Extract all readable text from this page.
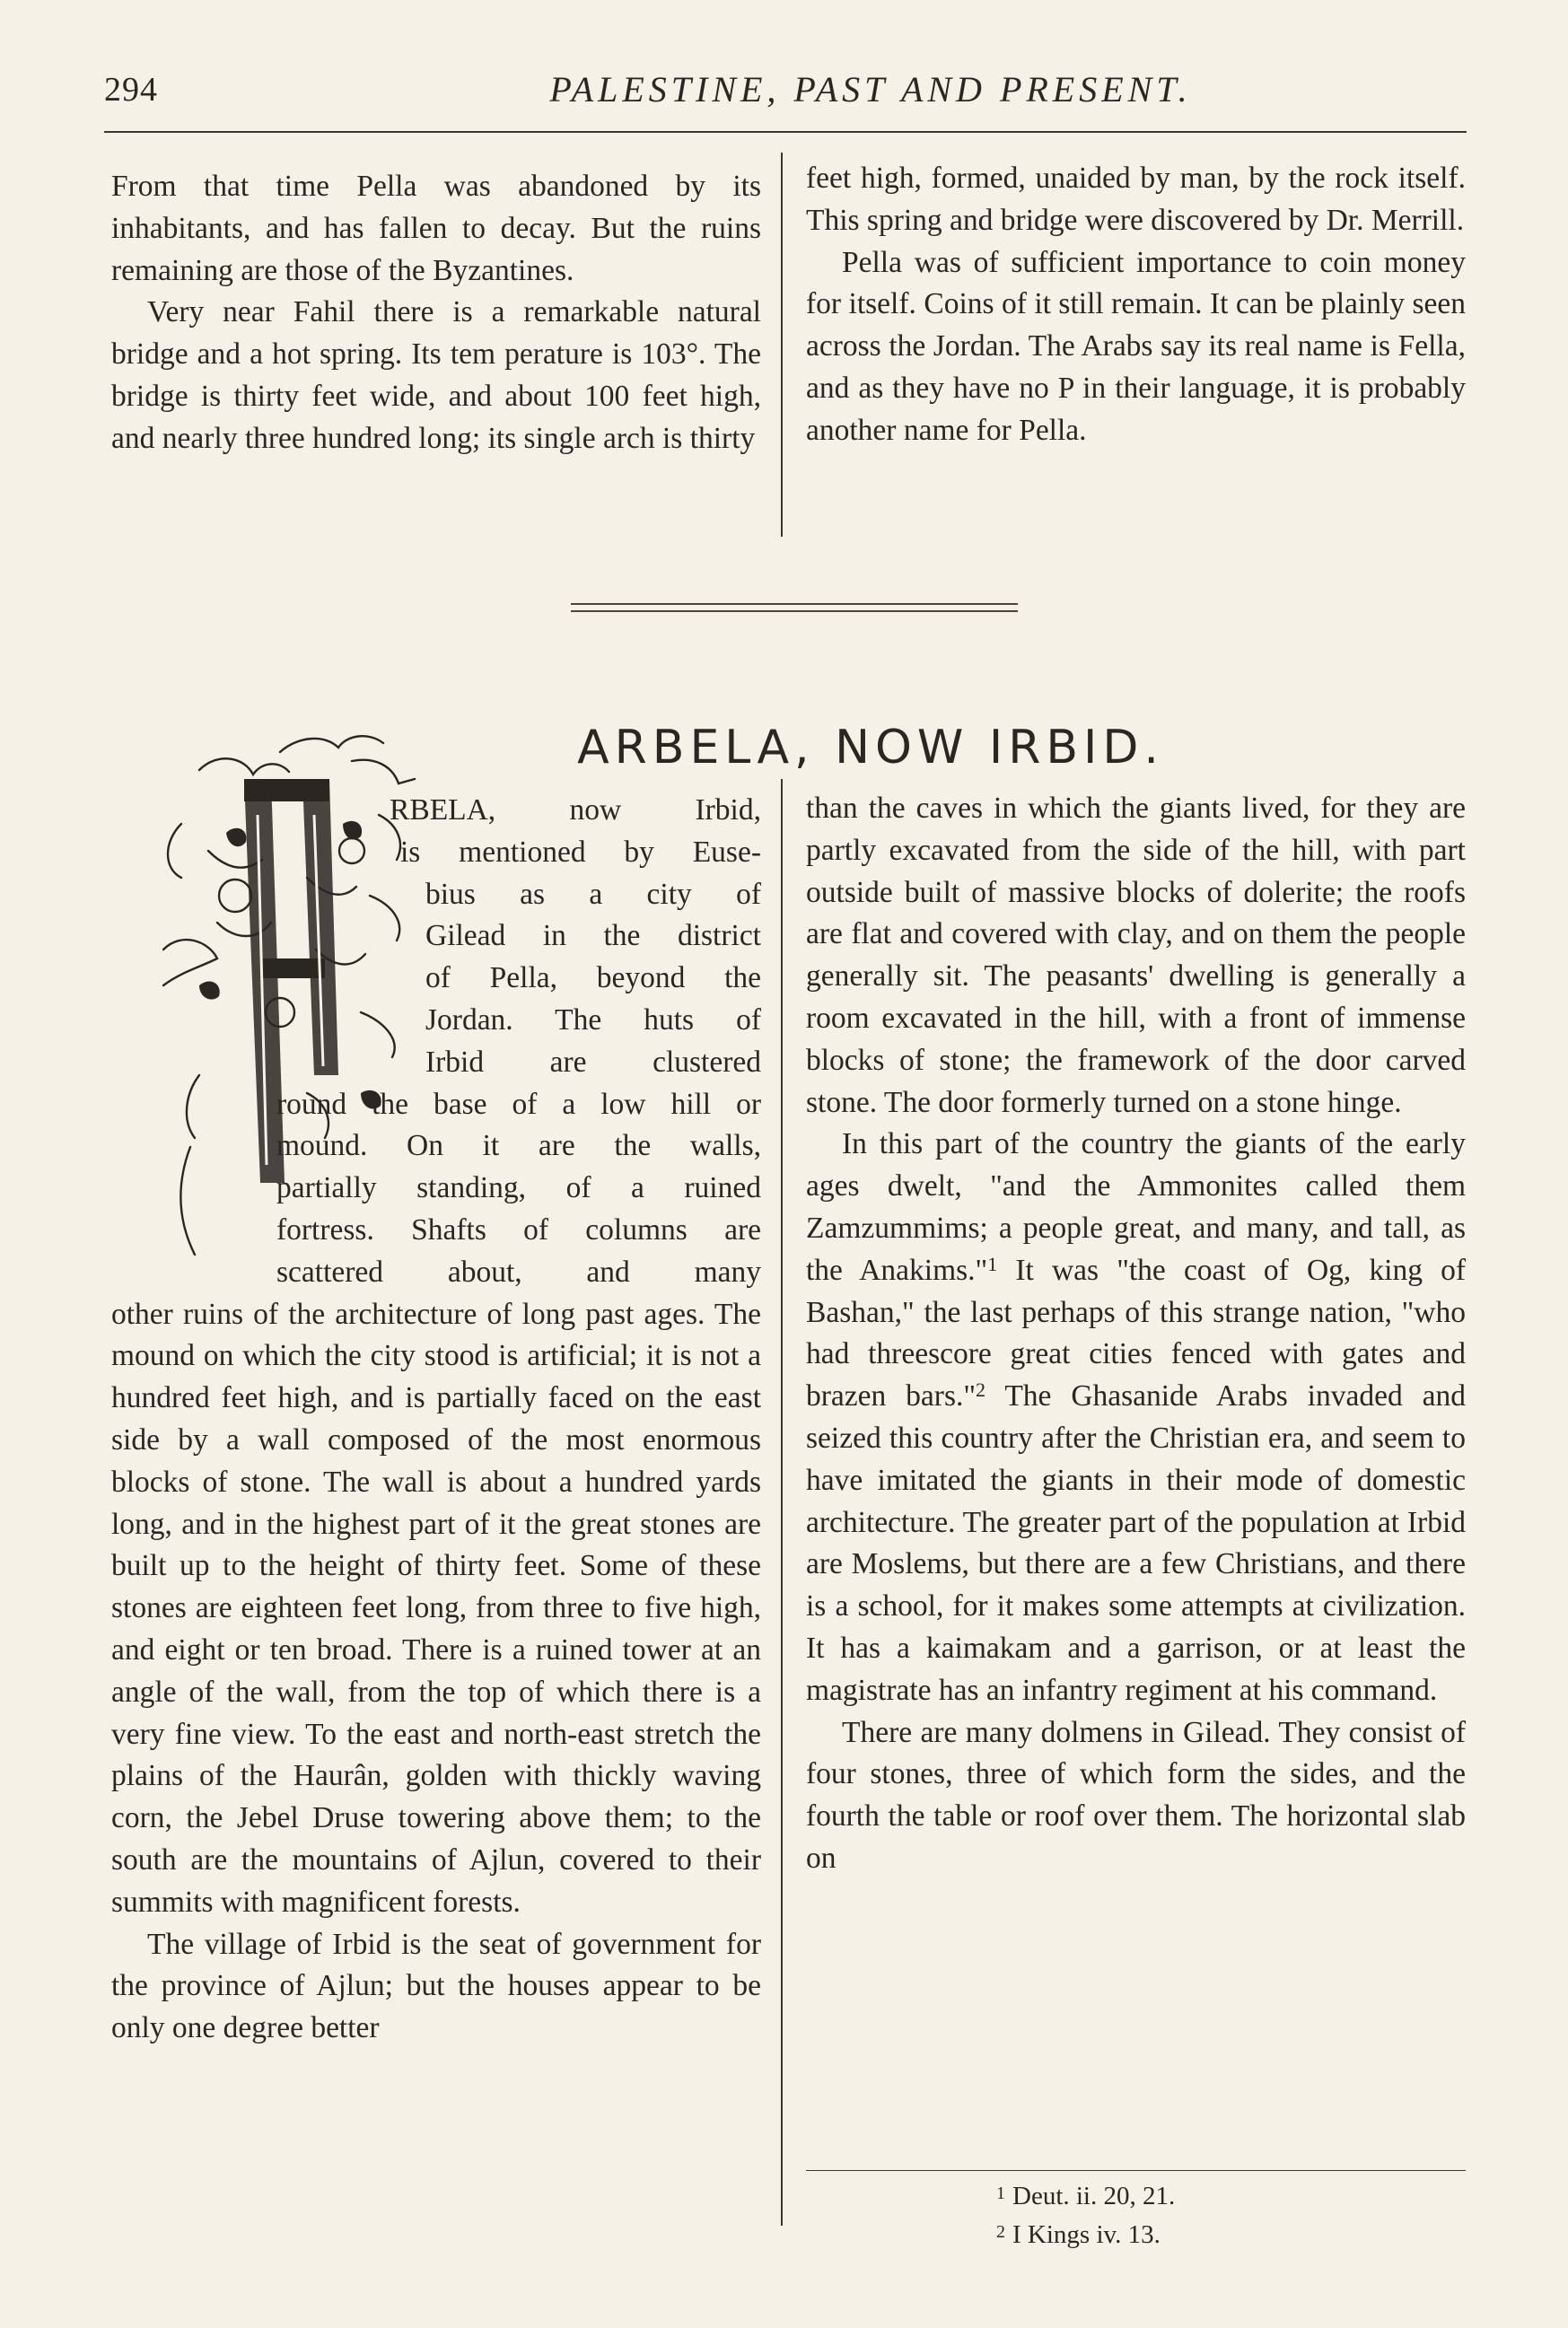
294	PALESTINE, PAST AND PRESENT.

From that time Pella was abandoned by its inhabitants, and has fallen to decay. But the ruins remaining are those of the Byzantines.

Very near Fahil there is a remarkable natural bridge and a hot spring. Its tem perature is 103°. The bridge is thirty feet wide, and about 100 feet high, and nearly three hundred long; its single arch is thirty

feet high, formed, unaided by man, by the rock itself. This spring and bridge were discovered by Dr. Merrill.

Pella was of sufficient importance to coin money for itself. Coins of it still remain. It can be plainly seen across the Jordan. The Arabs say its real name is Fella, and as they have no P in their language, it is probably another name for Pella.

ARBELA, NOW IRBID.
RBELA, now Irbid,
is mentioned by Euse-
bius as a city of
Gilead in the district
of Pella, beyond the
Jordan. The huts of
Irbid are clustered
round the base of a low hill or
mound. On it are the walls,
partially standing, of a ruined
fortress. Shafts of columns are
scattered about, and many

other ruins of the architecture of long past ages. The mound on which the city stood is artificial; it is not a hundred feet high, and is partially faced on the east side by a wall composed of the most enormous blocks of stone. The wall is about a hundred yards long, and in the highest part of it the great stones are built up to the height of thirty feet. Some of these stones are eighteen feet long, from three to five high, and eight or ten broad. There is a ruined tower at an angle of the wall, from the top of which there is a very fine view. To the east and north-east stretch the plains of the Haurân, golden with thickly waving corn, the Jebel Druse towering above them; to the south are the mountains of Ajlun, covered to their summits with magnificent forests.

The village of Irbid is the seat of government for the province of Ajlun; but the houses appear to be only one degree better

than the caves in which the giants lived, for they are partly excavated from the side of the hill, with part outside built of massive blocks of dolerite; the roofs are flat and covered with clay, and on them the people generally sit. The peasants' dwelling is generally a room excavated in the hill, with a front of immense blocks of stone; the framework of the door carved stone. The door formerly turned on a stone hinge.

In this part of the country the giants of the early ages dwelt, "and the Ammonites called them Zamzummims; a people great, and many, and tall, as the Anakims."$^1$ It was "the coast of Og, king of Bashan," the last perhaps of this strange nation, "who had threescore great cities fenced with gates and brazen bars."$^2$ The Ghasanide Arabs invaded and seized this country after the Christian era, and seem to have imitated the giants in their mode of domestic architecture. The greater part of the population at Irbid are Moslems, but there are a few Christians, and there is a school, for it makes some attempts at civilization. It has a kaimakam and a garrison, or at least the magistrate has an infantry regiment at his command.

There are many dolmens in Gilead. They consist of four stones, three of which form the sides, and the fourth the table or roof over them. The horizontal slab on

$^1$ Deut. ii. 20, 21.
$^2$ I Kings iv. 13.
